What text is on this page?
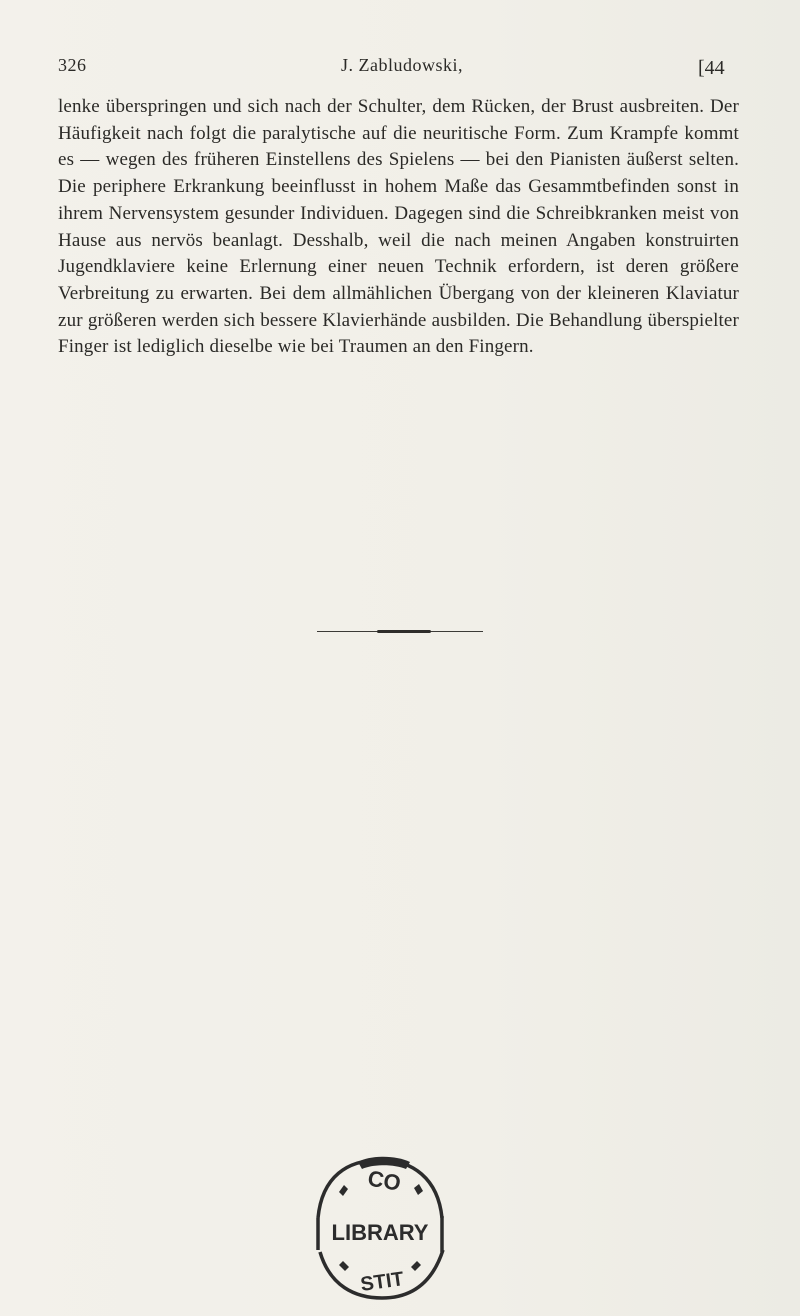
326	J. Zabludowski,	[44

lenke überspringen und sich nach der Schulter, dem Rücken, der Brust ausbreiten. Der Häufigkeit nach folgt die paralytische auf die neuritische Form. Zum Krampfe kommt es — wegen des früheren Einstellens des Spielens — bei den Pianisten äußerst selten. Die periphere Erkrankung beeinflusst in hohem Maße das Gesammtbefinden sonst in ihrem Nervensystem gesunder Individuen. Dagegen sind die Schreibkranken meist von Hause aus nervös beanlagt. Desshalb, weil die nach meinen Angaben konstruirten Jugendklaviere keine Erlernung einer neuen Technik erfordern, ist deren größere Verbreitung zu erwarten. Bei dem allmählichen Übergang von der kleineren Klaviatur zur größeren werden sich bessere Klavierhände ausbilden. Die Behandlung überspielter Finger ist lediglich dieselbe wie bei Traumen an den Fingern.

CO
LIBRARY
STIT
